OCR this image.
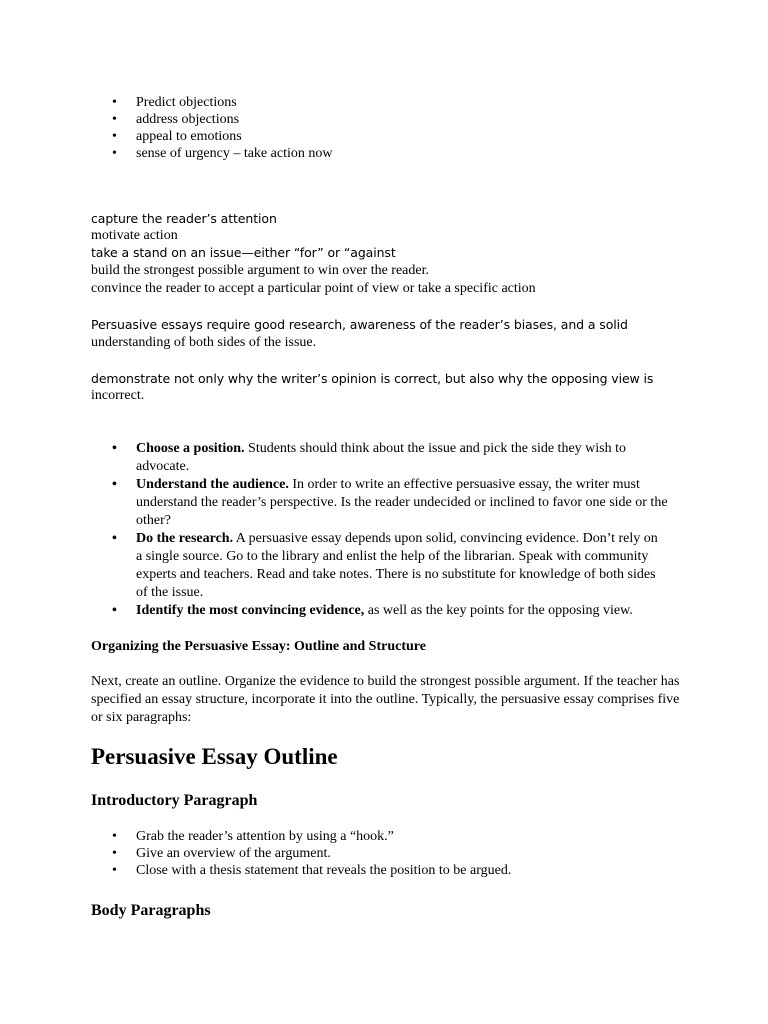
• Predict objections
• address objections
• appeal to emotions
• sense of urgency – take action now
capture the reader’s attention
motivate action
take a stand on an issue—either “for” or “against
build the strongest possible argument to win over the reader.
convince the reader to accept a particular point of view or take a specific action
Persuasive essays require good research, awareness of the reader’s biases, and a solid
understanding of both sides of the issue.
demonstrate not only why the writer’s opinion is correct, but also why the opposing view is
incorrect.
• Choose a position. Students should think about the issue and pick the side they wish to advocate.
• Understand the audience. In order to write an effective persuasive essay, the writer must understand the reader’s perspective. Is the reader undecided or inclined to favor one side or the other?
• Do the research. A persuasive essay depends upon solid, convincing evidence. Don’t rely on a single source. Go to the library and enlist the help of the librarian. Speak with community experts and teachers. Read and take notes. There is no substitute for knowledge of both sides of the issue.
• Identify the most convincing evidence, as well as the key points for the opposing view.
Organizing the Persuasive Essay: Outline and Structure
Next, create an outline. Organize the evidence to build the strongest possible argument. If the teacher has specified an essay structure, incorporate it into the outline. Typically, the persuasive essay comprises five or six paragraphs:
Persuasive Essay Outline
Introductory Paragraph
• Grab the reader’s attention by using a “hook.”
• Give an overview of the argument.
• Close with a thesis statement that reveals the position to be argued.
Body Paragraphs
